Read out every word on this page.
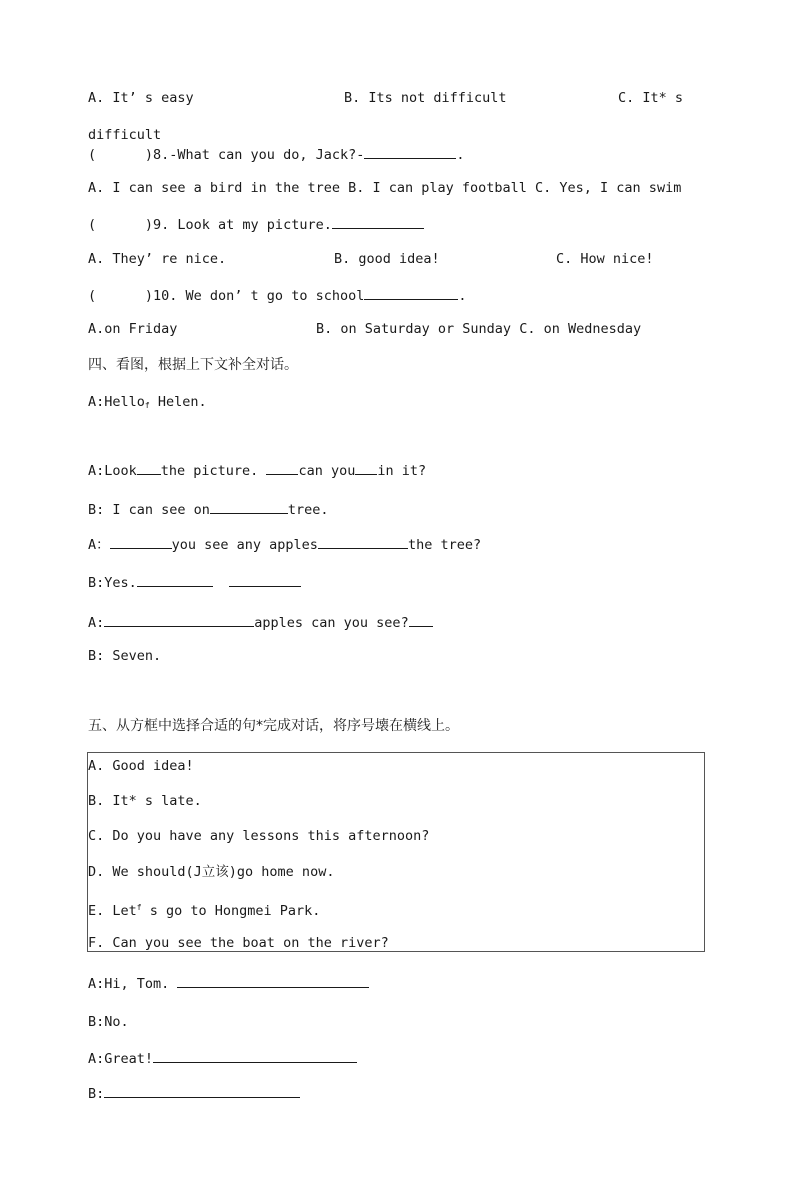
A. It’ s easy	B. Its not difficult	C. It* s
difficult
(      )8.-What can you do, Jack?-	.
A. I can see a bird in the tree B. I can play football C. Yes, I can swim
(      )9. Look at my picture.
A. They’ re nice.	B. good idea!	C. How nice!
(      )10. We don’ t go to school	.
A.on Friday	B. on Saturday or Sunday C. on Wednesday
四、看图，根据上下文补全对话。
A:Hello$_f$ Helen.
A:Look the picture. can you in it?
B: I can see on	tree.
A：	you see any apples	the tree?
B:Yes.
A:	apples can you see?
B: Seven.
五、从方框中选择合适的句*完成对话，将序号壊在横线上。
A. Good idea!
B. It* s late.
C. Do you have any lessons this afternoon?
D. We should(J立该)go home now.
E. Let$^f$ s go to Hongmei Park.
F. Can you see the boat on the river?
A:Hi, Tom.
B:No.
A:Great!
B:
